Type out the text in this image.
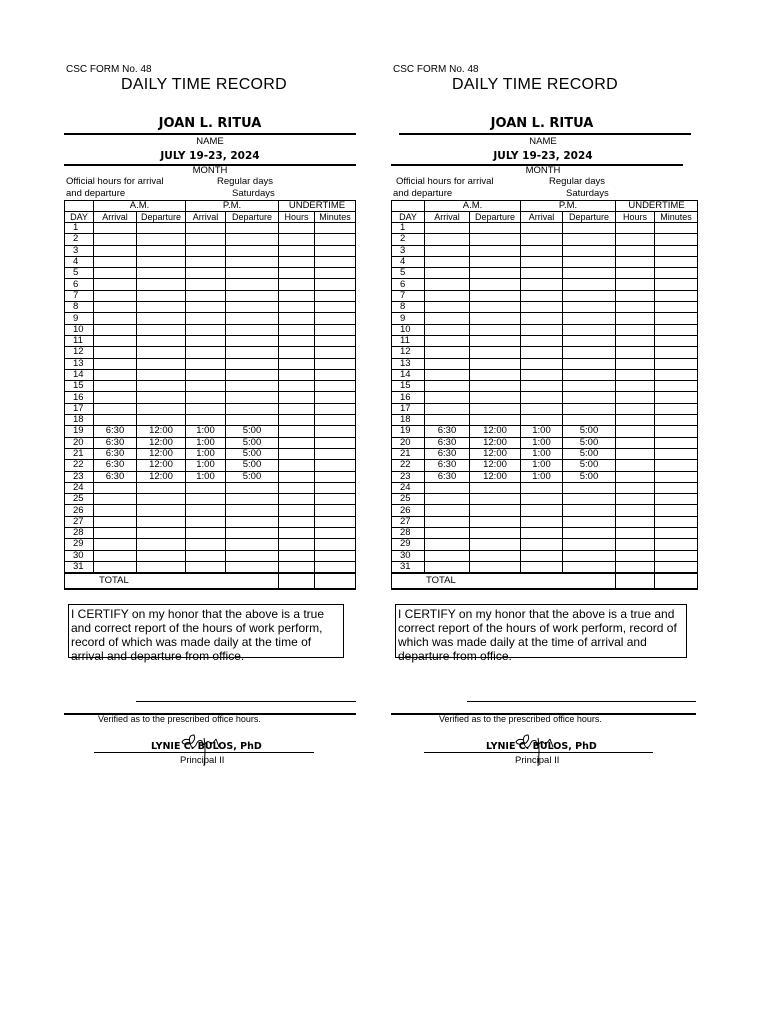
CSC FORM No. 48
DAILY TIME RECORD
JOAN L. RITUA
NAME
JULY 19-23, 2024
MONTH
Official hours for arrival	Regular days
and departure	Saturdays
	A.M.		P.M.		UNDERTIME	
DAY	Arrival	Departure	Arrival	Departure	Hours	Minutes
1						
2						
3						
4						
5						
6						
7						
8						
9						
10						
11						
12						
13						
14						
15						
16						
17						
18						
19	6:30	12:00	1:00	5:00		
20	6:30	12:00	1:00	5:00		
21	6:30	12:00	1:00	5:00		
22	6:30	12:00	1:00	5:00		
23	6:30	12:00	1:00	5:00		
24						
25						
26						
27						
28						
29						
30						
31						
TOTAL						
I CERTIFY on my honor that the above is a true and correct report of the hours of work perform, record of which was made daily at the time of arrival and departure from office.
Verified as to the prescribed office hours.
LYNIE C. BULOS, PhD
Principal II
CSC FORM No. 48
DAILY TIME RECORD
JOAN L. RITUA
NAME
JULY 19-23, 2024
MONTH
Official hours for arrival	Regular days
and departure	Saturdays
	A.M.		P.M.		UNDERTIME	
DAY	Arrival	Departure	Arrival	Departure	Hours	Minutes
1						
2						
3						
4						
5						
6						
7						
8						
9						
10						
11						
12						
13						
14						
15						
16						
17						
18						
19	6:30	12:00	1:00	5:00		
20	6:30	12:00	1:00	5:00		
21	6:30	12:00	1:00	5:00		
22	6:30	12:00	1:00	5:00		
23	6:30	12:00	1:00	5:00		
24						
25						
26						
27						
28						
29						
30						
31						
TOTAL						
I CERTIFY on my honor that the above is a true and correct report of the hours of work perform, record of which was made daily at the time of arrival and departure from office.
Verified as to the prescribed office hours.
LYNIE C. BULOS, PhD
Principal II
